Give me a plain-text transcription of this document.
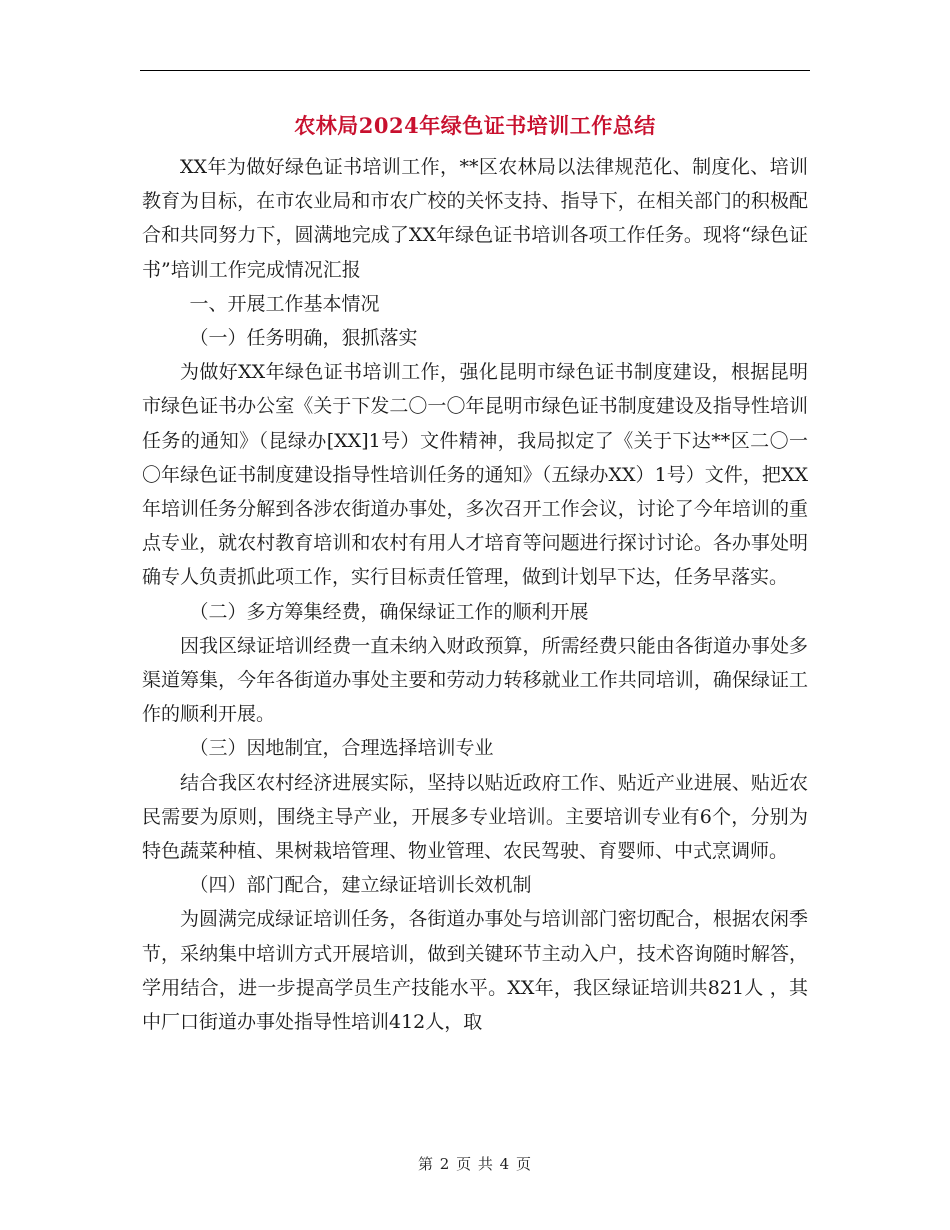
农林局2024年绿色证书培训工作总结

XX年为做好绿色证书培训工作，**区农林局以法律规范化、制度化、培训教育为目标，在市农业局和市农广校的关怀支持、指导下，在相关部门的积极配合和共同努力下，圆满地完成了XX年绿色证书培训各项工作任务。现将“绿色证书”培训工作完成情况汇报

一、开展工作基本情况

（一）任务明确，狠抓落实

为做好XX年绿色证书培训工作，强化昆明市绿色证书制度建设，根据昆明市绿色证书办公室《关于下发二〇一〇年昆明市绿色证书制度建设及指导性培训任务的通知》（昆绿办[XX]1号）文件精神，我局拟定了《关于下达**区二〇一〇年绿色证书制度建设指导性培训任务的通知》（五绿办XX）1号）文件，把XX年培训任务分解到各涉农街道办事处，多次召开工作会议，讨论了今年培训的重点专业，就农村教育培训和农村有用人才培育等问题进行探讨讨论。各办事处明确专人负责抓此项工作，实行目标责任管理，做到计划早下达，任务早落实。

（二）多方筹集经费，确保绿证工作的顺利开展

因我区绿证培训经费一直未纳入财政预算，所需经费只能由各街道办事处多渠道筹集，今年各街道办事处主要和劳动力转移就业工作共同培训，确保绿证工作的顺利开展。

（三）因地制宜，合理选择培训专业

结合我区农村经济进展实际，坚持以贴近政府工作、贴近产业进展、贴近农民需要为原则，围绕主导产业，开展多专业培训。主要培训专业有6个，分别为特色蔬菜种植、果树栽培管理、物业管理、农民驾驶、育婴师、中式烹调师。

（四）部门配合，建立绿证培训长效机制

为圆满完成绿证培训任务，各街道办事处与培训部门密切配合，根据农闲季节，采纳集中培训方式开展培训，做到关键环节主动入户，技术咨询随时解答，学用结合，进一步提高学员生产技能水平。XX年，我区绿证培训共821人 ，其中厂口街道办事处指导性培训412人，取

第 2 页 共 4 页
